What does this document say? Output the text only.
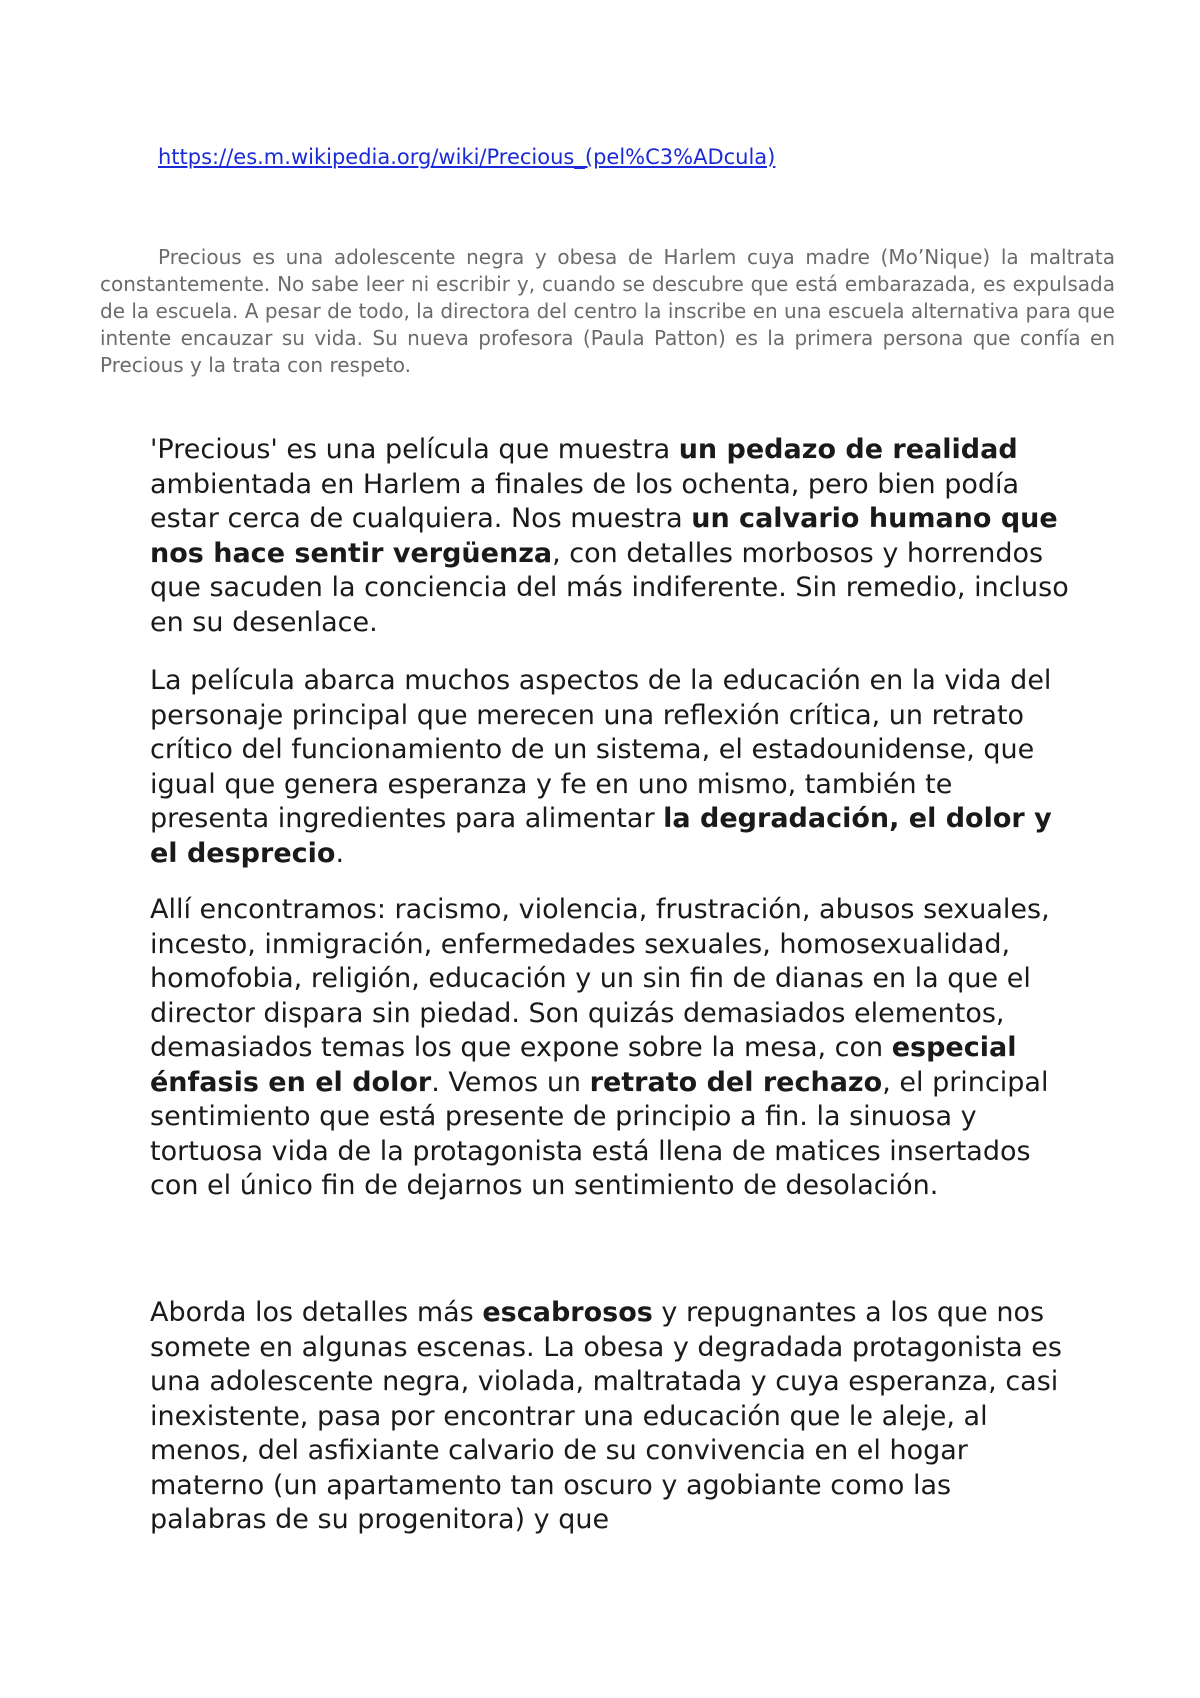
https://es.m.wikipedia.org/wiki/Precious_(pel%C3%ADcula)

Precious es una adolescente negra y obesa de Harlem cuya madre (Mo’Nique) la maltrata constantemente. No sabe leer ni escribir y, cuando se descubre que está embarazada, es expulsada de la escuela. A pesar de todo, la directora del centro la inscribe en una escuela alternativa para que intente encauzar su vida. Su nueva profesora (Paula Patton) es la primera persona que confía en Precious y la trata con respeto.

'Precious' es una película que muestra un pedazo de realidad ambientada en Harlem a finales de los ochenta, pero bien podía estar cerca de cualquiera. Nos muestra un calvario humano que nos hace sentir vergüenza, con detalles morbosos y horrendos que sacuden la conciencia del más indiferente. Sin remedio, incluso en su desenlace.

La película abarca muchos aspectos de la educación en la vida del personaje principal que merecen una reflexión crítica, un retrato crítico del funcionamiento de un sistema, el estadounidense, que igual que genera esperanza y fe en uno mismo, también te presenta ingredientes para alimentar la degradación, el dolor y el desprecio.

Allí encontramos: racismo, violencia, frustración, abusos sexuales, incesto, inmigración, enfermedades sexuales, homosexualidad, homofobia, religión, educación y un sin fin de dianas en la que el director dispara sin piedad. Son quizás demasiados elementos, demasiados temas los que expone sobre la mesa, con especial énfasis en el dolor. Vemos un retrato del rechazo, el principal sentimiento que está presente de principio a fin. la sinuosa y tortuosa vida de la protagonista está llena de matices insertados con el único fin de dejarnos un sentimiento de desolación.

Aborda los detalles más escabrosos y repugnantes a los que nos somete en algunas escenas. La obesa y degradada protagonista es una adolescente negra, violada, maltratada y cuya esperanza, casi inexistente, pasa por encontrar una educación que le aleje, al menos, del asfixiante calvario de su convivencia en el hogar materno (un apartamento tan oscuro y agobiante como las palabras de su progenitora) y que
